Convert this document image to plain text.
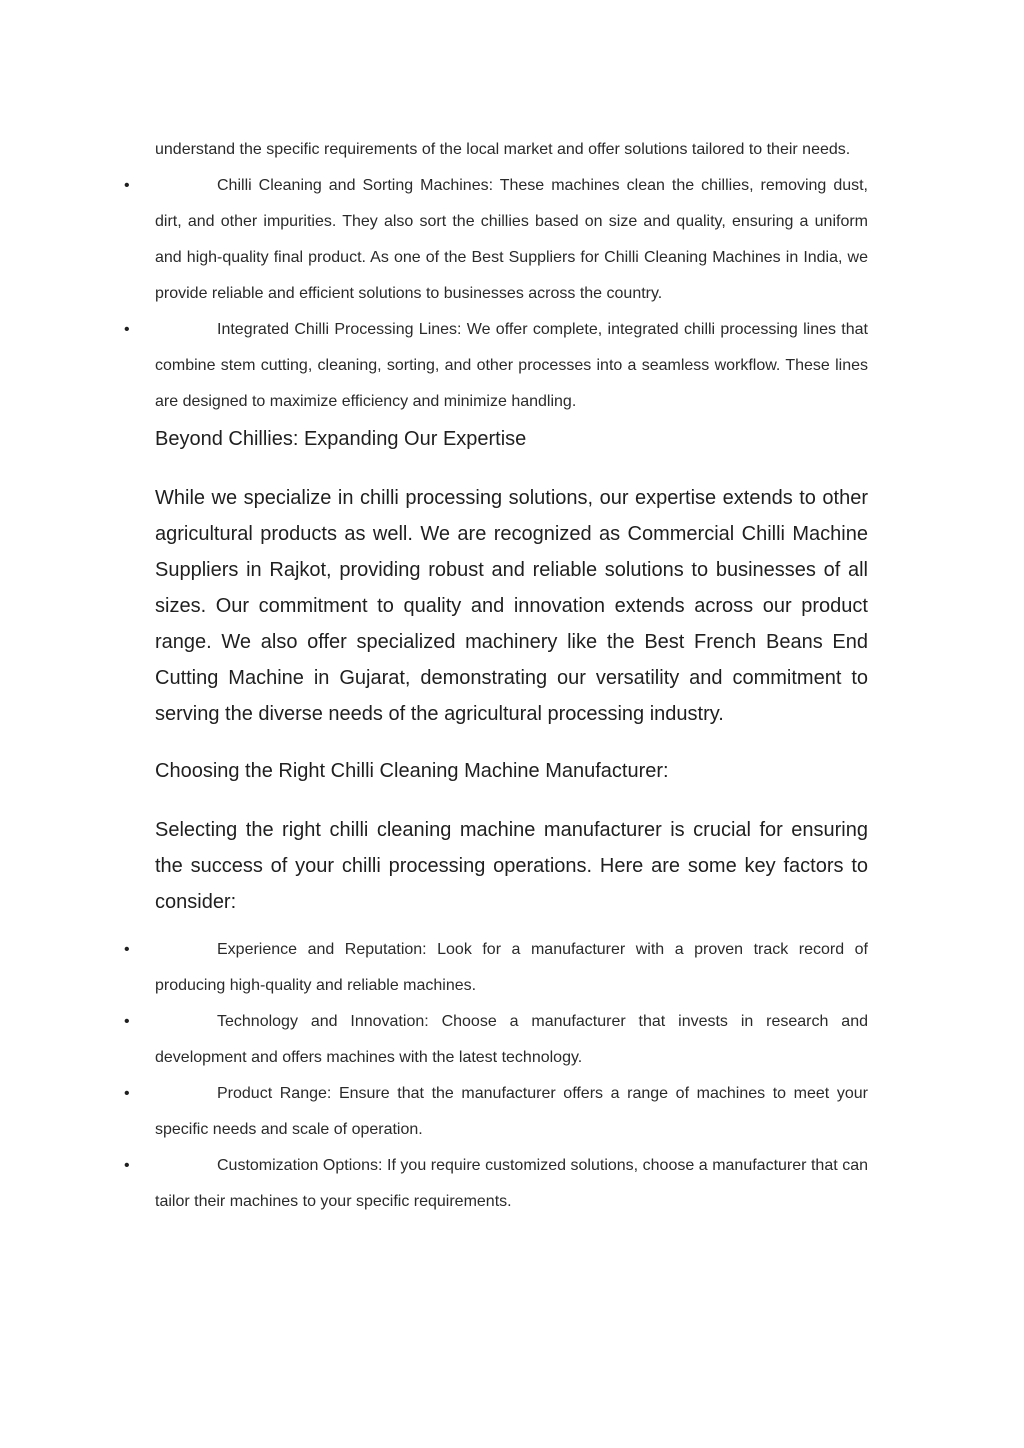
understand the specific requirements of the local market and offer solutions tailored to their needs.

•	Chilli Cleaning and Sorting Machines: These machines clean the chillies, removing dust, dirt, and other impurities. They also sort the chillies based on size and quality, ensuring a uniform and high-quality final product. As one of the Best Suppliers for Chilli Cleaning Machines in India, we provide reliable and efficient solutions to businesses across the country.
•	Integrated Chilli Processing Lines: We offer complete, integrated chilli processing lines that combine stem cutting, cleaning, sorting, and other processes into a seamless workflow. These lines are designed to maximize efficiency and minimize handling.
Beyond Chillies: Expanding Our Expertise

While we specialize in chilli processing solutions, our expertise extends to other agricultural products as well. We are recognized as Commercial Chilli Machine Suppliers in Rajkot, providing robust and reliable solutions to businesses of all sizes. Our commitment to quality and innovation extends across our product range. We also offer specialized machinery like the Best French Beans End Cutting Machine in Gujarat, demonstrating our versatility and commitment to serving the diverse needs of the agricultural processing industry.

Choosing the Right Chilli Cleaning Machine Manufacturer:

Selecting the right chilli cleaning machine manufacturer is crucial for ensuring the success of your chilli processing operations. Here are some key factors to consider:

•	Experience and Reputation: Look for a manufacturer with a proven track record of producing high-quality and reliable machines.
•	Technology and Innovation: Choose a manufacturer that invests in research and development and offers machines with the latest technology.
•	Product Range: Ensure that the manufacturer offers a range of machines to meet your specific needs and scale of operation.
•	Customization Options: If you require customized solutions, choose a manufacturer that can tailor their machines to your specific requirements.
